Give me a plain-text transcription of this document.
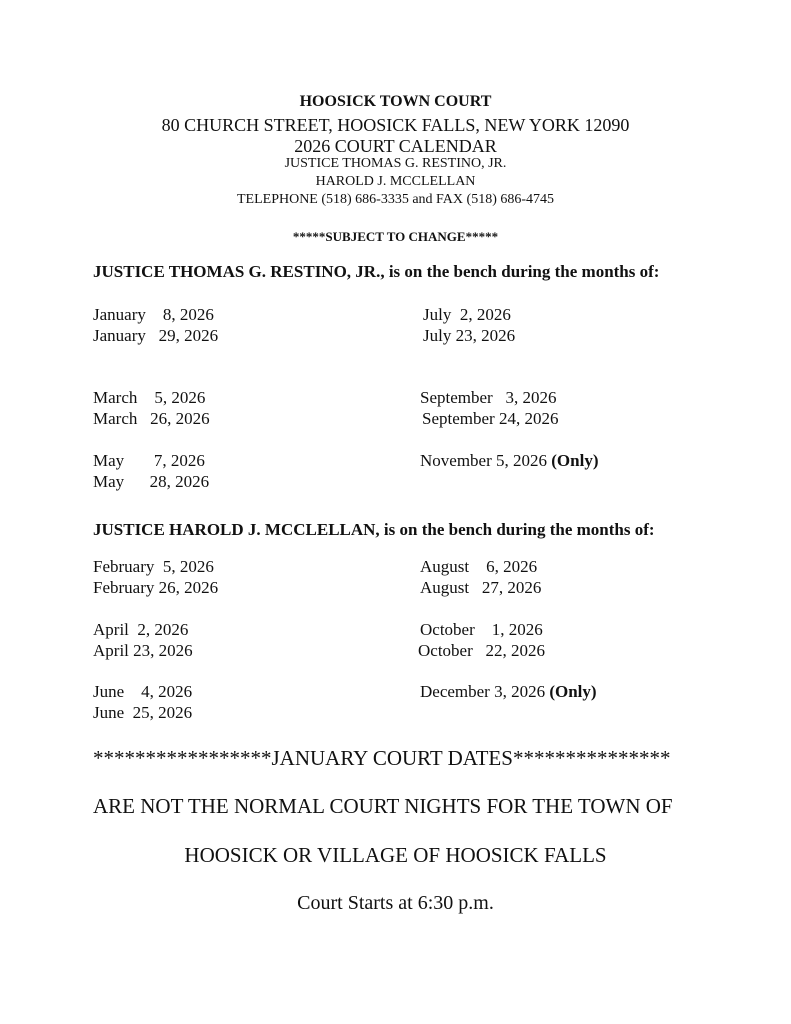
HOOSICK TOWN COURT
80 CHURCH STREET, HOOSICK FALLS, NEW YORK 12090
2026 COURT CALENDAR
JUSTICE THOMAS G. RESTINO, JR.
HAROLD J. MCCLELLAN
TELEPHONE (518) 686-3335 and FAX (518) 686-4745
*****SUBJECT TO CHANGE*****
JUSTICE THOMAS G. RESTINO, JR., is on the bench during the months of:
January    8, 2026
January   29, 2026
March    5, 2026
March   26, 2026
May       7, 2026
May      28, 2026
July  2, 2026
July 23, 2026
September   3, 2026
September 24, 2026
November 5, 2026 (Only)
JUSTICE HAROLD J. MCCLELLAN, is on the bench during the months of:
February  5, 2026
February 26, 2026
April  2, 2026
April 23, 2026
June    4, 2026
June  25, 2026
August    6, 2026
August   27, 2026
October    1, 2026
October   22, 2026
December 3, 2026 (Only)
*****************JANUARY COURT DATES***************
ARE NOT THE NORMAL COURT NIGHTS FOR THE TOWN OF
HOOSICK OR VILLAGE OF HOOSICK FALLS
Court Starts at 6:30 p.m.
